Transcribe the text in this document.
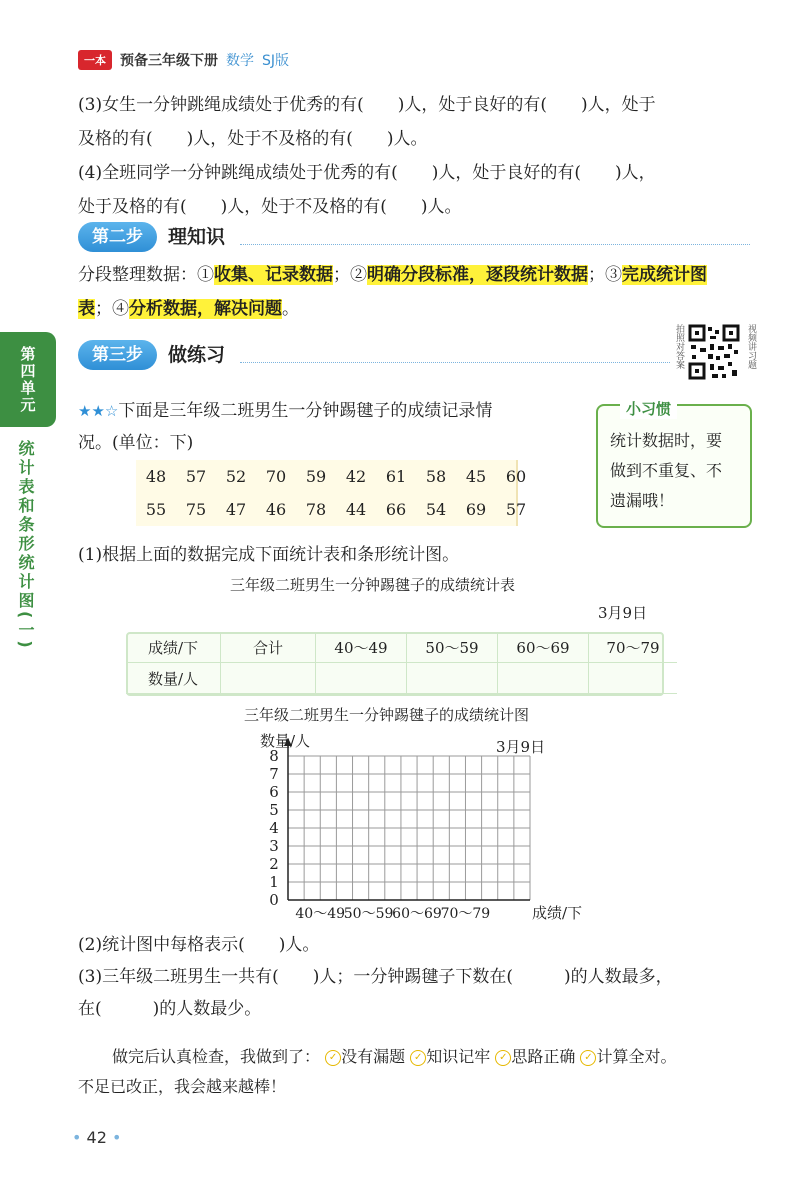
一本	预备三年级下册 数学 SJ版
(3)女生一分钟跳绳成绩处于优秀的有(　　)人，处于良好的有(　　)人，处于
及格的有(　　)人，处于不及格的有(　　)人。
(4)全班同学一分钟跳绳成绩处于优秀的有(　　)人，处于良好的有(　　)人，
处于及格的有(　　)人，处于不及格的有(　　)人。
第二步	理知识
分段整理数据：①收集、记录数据；②明确分段标准，逐段统计数据；③完成统计图
表；④分析数据，解决问题。
第三步	做练习	拍照对答案	视频讲习题
第四单元
统计表和条形统计图(一)
★★☆下面是三年级二班男生一分钟踢毽子的成绩记录情
况。(单位：下)
小习惯
统计数据时，要
做到不重复、不
遗漏哦！
48	57	52	70	59	42	61	58	45	60
55	75	47	46	78	44	66	54	69	57
(1)根据上面的数据完成下面统计表和条形统计图。
三年级二班男生一分钟踢毽子的成绩统计表
3月9日
成绩/下	合计	40～49	50～59	60～69	70～79
数量/人					
三年级二班男生一分钟踢毽子的成绩统计图
0
1
2
3
4
5
6
7
8
数量/人	3月9日
40～49
50～59
60～69
70～79	成绩/下
(2)统计图中每格表示(　　)人。
(3)三年级二班男生一共有(　　)人；一分钟踢毽子下数在(　　　)的人数最多，
在(　　　)的人数最少。
做完后认真检查，我做到了： ✓ 没有漏题 ✓ 知识记牢 ✓ 思路正确 ✓ 计算全对。
不足已改正，我会越来越棒！
• 42 •
